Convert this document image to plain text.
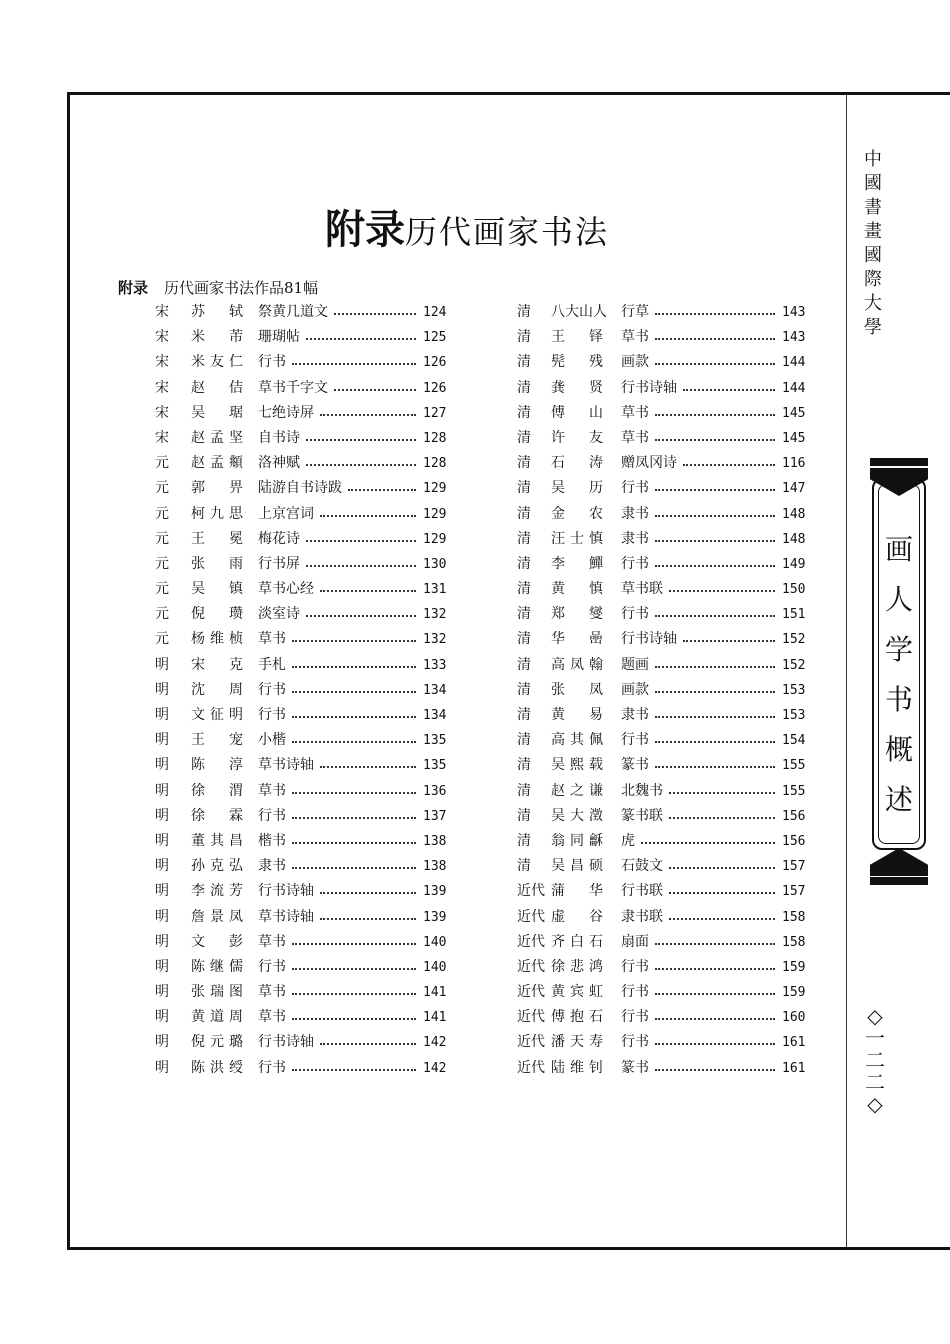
附录历代画家书法
附录 历代画家书法作品81幅
宋 苏轼 祭黄几道文	124
宋 米芾 珊瑚帖	125
宋 米友仁 行书	126
宋 赵佶 草书千字文	126
宋 吴琚 七绝诗屏	127
宋 赵孟坚 自书诗	128
元 赵孟頫 洛神赋	128
元 郭畀 陆游自书诗跋	129
元 柯九思 上京宫词	129
元 王冕 梅花诗	129
元 张雨 行书屏	130
元 吴镇 草书心经	131
元 倪瓒 淡室诗	132
元 杨维桢 草书	132
明 宋克 手札	133
明 沈周 行书	134
明 文征明 行书	134
明 王宠 小楷	135
明 陈淳 草书诗轴	135
明 徐渭 草书	136
明 徐霖 行书	137
明 董其昌 楷书	138
明 孙克弘 隶书	138
明 李流芳 行书诗轴	139
明 詹景凤 草书诗轴	139
明 文彭 草书	140
明 陈继儒 行书	140
明 张瑞图 草书	141
明 黄道周 草书	141
明 倪元璐 行书诗轴	142
明 陈洪绶 行书	142
清 八大山人 行草	143
清 王铎 草书	143
清 髡残 画款	144
清 龚贤 行书诗轴	144
清 傅山 草书	145
清 许友 草书	145
清 石涛 赠凤冈诗	116
清 吴历 行书	147
清 金农 隶书	148
清 汪士慎 隶书	148
清 李鱓 行书	149
清 黄慎 草书联	150
清 郑燮 行书	151
清 华喦 行书诗轴	152
清 高凤翰 题画	152
清 张凤 画款	153
清 黄易 隶书	153
清 高其佩 行书	154
清 吴熙载 篆书	155
清 赵之谦 北魏书	155
清 吴大澂 篆书联	156
清 翁同龢 虎	156
清 吴昌硕 石鼓文	157
近代 蒲华 行书联	157
近代 虚谷 隶书联	158
近代 齐白石 扇面	158
近代 徐悲鸿 行书	159
近代 黄宾虹 行书	159
近代 傅抱石 行书	160
近代 潘天寿 行书	161
近代 陆维钊 篆书	161
中
國
書
畫
國
際
大
學
画
人
学
书
概
述
◇
一
二
二
◇
